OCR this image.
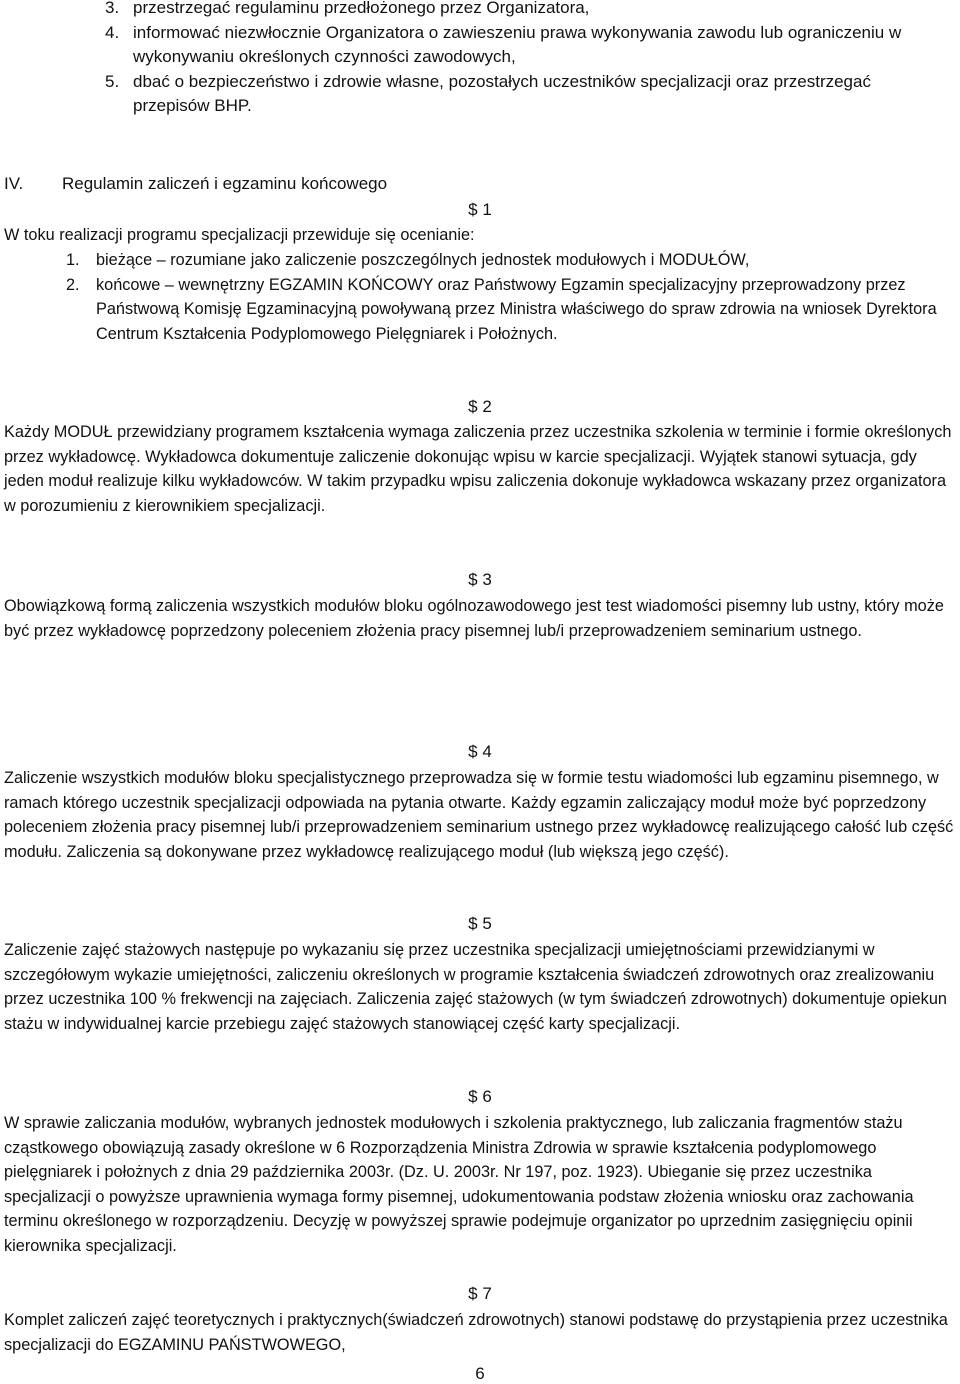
3. przestrzegać regulaminu przedłożonego przez Organizatora,
4. informować niezwłocznie Organizatora o zawieszeniu prawa wykonywania zawodu lub ograniczeniu w wykonywaniu określonych czynności zawodowych,
5. dbać o bezpieczeństwo i zdrowie własne, pozostałych uczestników specjalizacji oraz przestrzegać przepisów BHP.
IV. Regulamin zaliczeń i egzaminu końcowego
$ 1

W toku realizacji programu specjalizacji przewiduje się ocenianie:

1. bieżące – rozumiane jako zaliczenie poszczególnych jednostek modułowych i MODUŁÓW,
2. końcowe – wewnętrzny EGZAMIN KOŃCOWY oraz Państwowy Egzamin specjalizacyjny przeprowadzony przez Państwową Komisję Egzaminacyjną powoływaną przez Ministra właściwego do spraw zdrowia na wniosek Dyrektora Centrum Kształcenia Podyplomowego Pielęgniarek i Położnych.
$ 2

Każdy MODUŁ przewidziany programem kształcenia wymaga zaliczenia przez uczestnika szkolenia w terminie i formie określonych przez wykładowcę. Wykładowca dokumentuje zaliczenie dokonując wpisu w karcie specjalizacji. Wyjątek stanowi sytuacja, gdy jeden moduł realizuje kilku wykładowców. W takim przypadku wpisu zaliczenia dokonuje wykładowca wskazany przez organizatora w porozumieniu z kierownikiem specjalizacji.

$ 3

Obowiązkową formą zaliczenia wszystkich modułów bloku ogólnozawodowego jest test wiadomości pisemny lub ustny, który może być przez wykładowcę poprzedzony poleceniem złożenia pracy pisemnej lub/i przeprowadzeniem seminarium ustnego.

$ 4

Zaliczenie wszystkich modułów bloku specjalistycznego przeprowadza się w formie testu wiadomości lub egzaminu pisemnego, w ramach którego uczestnik specjalizacji odpowiada na pytania otwarte. Każdy egzamin zaliczający moduł może być poprzedzony poleceniem złożenia pracy pisemnej lub/i przeprowadzeniem seminarium ustnego przez wykładowcę realizującego całość lub część modułu. Zaliczenia są dokonywane przez wykładowcę realizującego moduł (lub większą jego część).

$ 5

Zaliczenie zajęć stażowych następuje po wykazaniu się przez uczestnika specjalizacji umiejętnościami przewidzianymi w szczegółowym wykazie umiejętności, zaliczeniu określonych w programie kształcenia świadczeń zdrowotnych oraz zrealizowaniu przez uczestnika 100 % frekwencji na zajęciach. Zaliczenia zajęć stażowych (w tym świadczeń zdrowotnych) dokumentuje opiekun stażu w indywidualnej karcie przebiegu zajęć stażowych stanowiącej część karty specjalizacji.

$ 6

W sprawie zaliczania modułów, wybranych jednostek modułowych i szkolenia praktycznego, lub zaliczania fragmentów stażu cząstkowego obowiązują zasady określone w 6 Rozporządzenia Ministra Zdrowia w sprawie kształcenia podyplomowego pielęgniarek i położnych z dnia 29 października 2003r. (Dz. U. 2003r. Nr 197, poz. 1923). Ubieganie się przez uczestnika specjalizacji o powyższe uprawnienia wymaga formy pisemnej, udokumentowania podstaw złożenia wniosku oraz zachowania terminu określonego w rozporządzeniu. Decyzję w powyższej sprawie podejmuje organizator po uprzednim zasięgnięciu opinii kierownika specjalizacji.

$ 7

Komplet zaliczeń zajęć teoretycznych i praktycznych(świadczeń zdrowotnych) stanowi podstawę do przystąpienia przez uczestnika specjalizacji do EGZAMINU PAŃSTWOWEGO,

6
